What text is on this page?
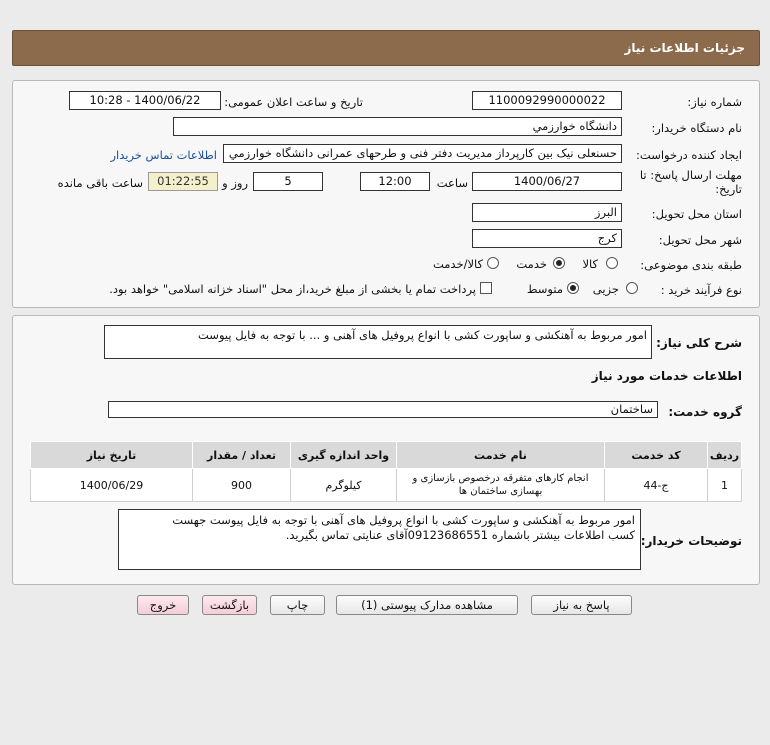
جزئیات اطلاعات نیاز
شماره نیاز:
1100092990000022
تاریخ و ساعت اعلان عمومی:
1400/06/22 - 10:28
نام دستگاه خریدار:
دانشگاه خوارزمي
ایجاد کننده درخواست:
حسنعلی نیک بین کارپرداز مدیریت دفتر فنی و طرحهای عمرانی دانشگاه خوارزمي
اطلاعات تماس خریدار
مهلت ارسال پاسخ: تا
تاریخ:
1400/06/27
ساعت
12:00
5
روز و
01:22:55
ساعت باقی مانده
استان محل تحویل:
البرز
شهر محل تحویل:
کرج
طبقه بندی موضوعی:
کالا
خدمت
کالا/خدمت
نوع فرآیند خرید :
جزیی
متوسط
پرداخت تمام یا بخشی از مبلغ خرید،از محل "اسناد خزانه اسلامی" خواهد بود.
شرح کلی نیاز:
امور مربوط به آهنکشی و ساپورت کشی با انواع پروفیل های آهنی و ... با توجه به فایل پیوست
اطلاعات خدمات مورد نیاز
گروه خدمت:
ساختمان
ردیف	کد خدمت	نام خدمت	واحد اندازه گیری	تعداد / مقدار	تاریخ نیاز
1	ج-44	انجام کارهای متفرقه درخصوص بازسازی و بهسازی ساختمان ها	کیلوگرم	900	1400/06/29
توضیحات خریدار:
امور مربوط به آهنکشی و ساپورت کشی با انواع پروفیل های آهنی با توجه به فایل پیوست جهست
کسب اطلاعات بیشتر باشماره 09123686551آقای عنایتی تماس بگیرید.
پاسخ به نیاز
مشاهده مدارک پیوستی (1)
چاپ
بازگشت
خروج
